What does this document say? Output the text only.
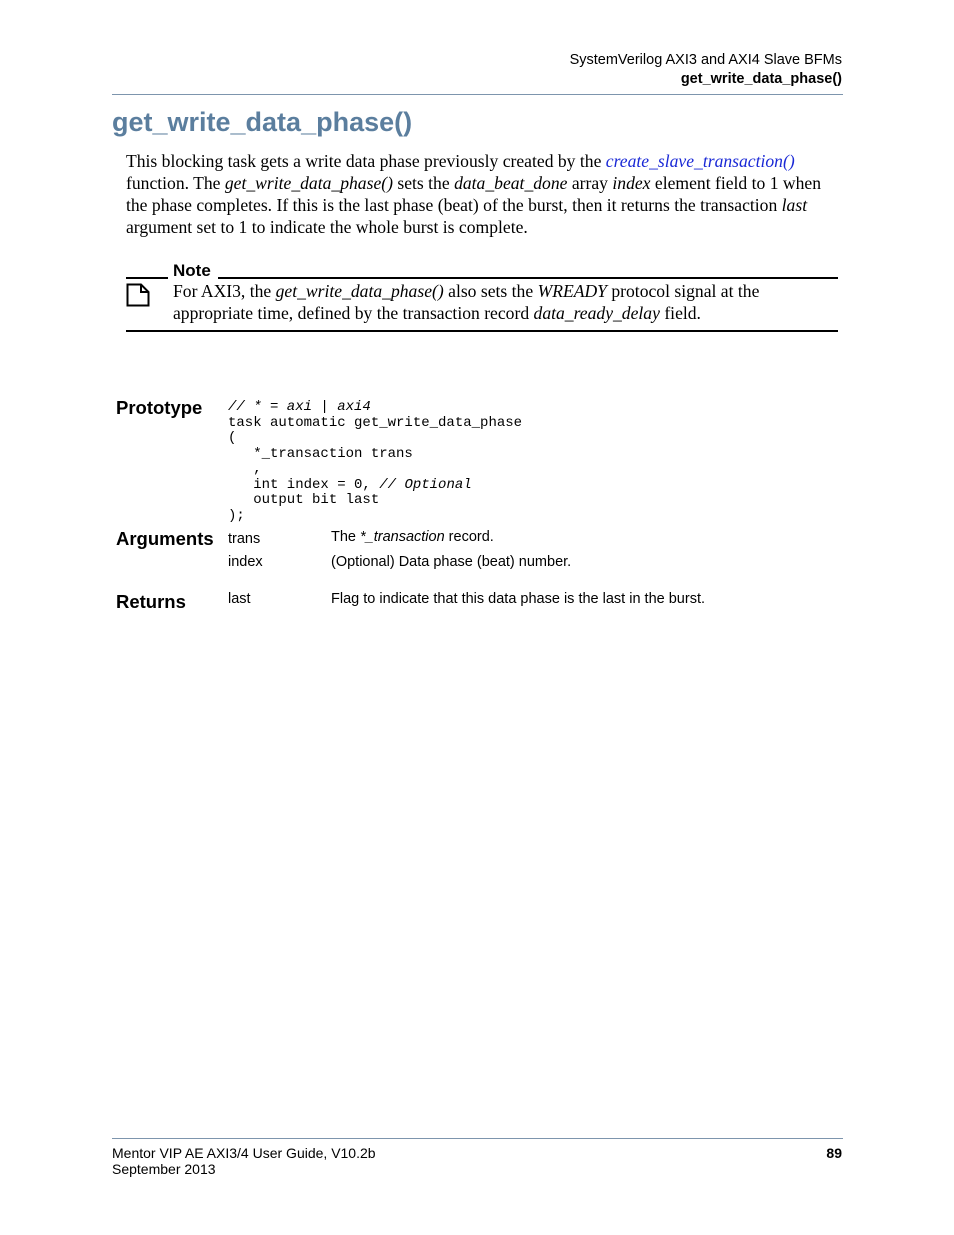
SystemVerilog AXI3 and AXI4 Slave BFMs
get_write_data_phase()
get_write_data_phase()
This blocking task gets a write data phase previously created by the create_slave_transaction() function. The get_write_data_phase() sets the data_beat_done array index element field to 1 when the phase completes. If this is the last phase (beat) of the burst, then it returns the transaction last argument set to 1 to indicate the whole burst is complete.
Note
For AXI3, the get_write_data_phase() also sets the WREADY protocol signal at the appropriate time, defined by the transaction record data_ready_delay field.
Prototype // * = axi | axi4
task automatic get_write_data_phase
(
*_transaction trans
,
int index = 0, // Optional
output bit last
);
Arguments trans	The *_transaction record.
index	(Optional) Data phase (beat) number.
Returns	last	Flag to indicate that this data phase is the last in the burst.
Mentor VIP AE AXI3/4 User Guide, V10.2b
September 2013
89
